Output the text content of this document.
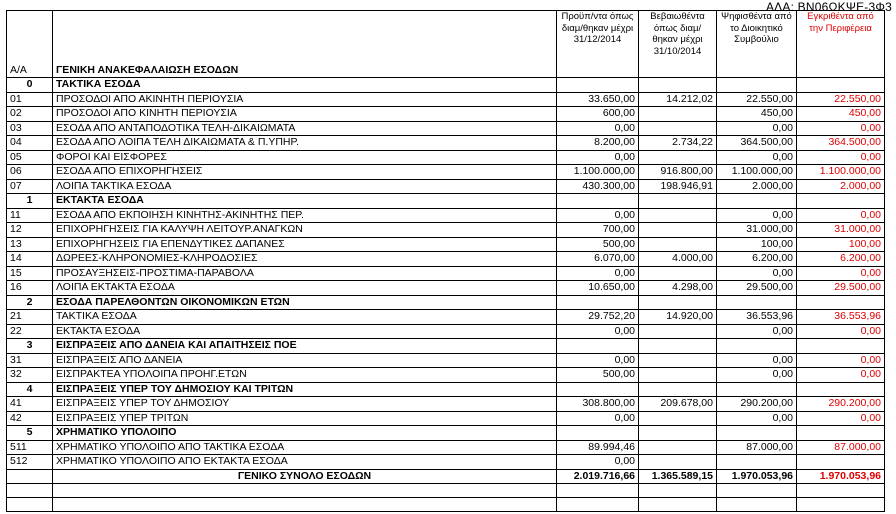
ΑΔΑ: ΒΝ06ΩΚΨΕ-3Φ3
Α/Α	ΓΕΝΙΚΗ ΑΝΑΚΕΦΑΛΑΙΩΣΗ ΕΣΟΔΩΝ	Προϋπ/ντα όπως διαμ/θηκαν μέχρι 31/12/2014	Βεβαιωθέντα όπως διαμ/θηκαν μέχρι 31/10/2014	Ψηφισθέντα από το Διοικητικό Συμβούλιο	Εγκριθέντα από την Περιφέρεια
0	ΤΑΚΤΙΚΑ ΕΣΟΔΑ				
01	ΠΡΟΣΟΔΟΙ ΑΠΟ ΑΚΙΝΗΤΗ ΠΕΡΙΟΥΣΙΑ	33.650,00	14.212,02	22.550,00	22.550,00
02	ΠΡΟΣΟΔΟΙ ΑΠΟ ΚΙΝΗΤΗ ΠΕΡΙΟΥΣΙΑ	600,00		450,00	450,00
03	ΕΣΟΔΑ ΑΠΟ ΑΝΤΑΠΟΔΟΤΙΚΑ ΤΕΛΗ-ΔΙΚΑΙΩΜΑΤΑ	0,00		0,00	0,00
04	ΕΣΟΔΑ ΑΠΟ ΛΟΙΠΑ ΤΕΛΗ ΔΙΚΑΙΩΜΑΤΑ & Π.ΥΠΗΡ.	8.200,00	2.734,22	364.500,00	364.500,00
05	ΦΟΡΟΙ ΚΑΙ ΕΙΣΦΟΡΕΣ	0,00		0,00	0,00
06	ΕΣΟΔΑ ΑΠΟ ΕΠΙΧΟΡΗΓΗΣΕΙΣ	1.100.000,00	916.800,00	1.100.000,00	1.100.000,00
07	ΛΟΙΠΑ ΤΑΚΤΙΚΑ ΕΣΟΔΑ	430.300,00	198.946,91	2.000,00	2.000,00
1	ΕΚΤΑΚΤΑ ΕΣΟΔΑ				
11	ΕΣΟΔΑ ΑΠΟ ΕΚΠΟΙΗΣΗ ΚΙΝΗΤΗΣ-ΑΚΙΝΗΤΗΣ ΠΕΡ.	0,00		0,00	0,00
12	ΕΠΙΧΟΡΗΓΗΣΕΙΣ ΓΙΑ ΚΑΛΥΨΗ ΛΕΙΤΟΥΡ.ΑΝΑΓΚΩΝ	700,00		31.000,00	31.000,00
13	ΕΠΙΧΟΡΗΓΗΣΕΙΣ ΓΙΑ ΕΠΕΝΔΥΤΙΚΕΣ ΔΑΠΑΝΕΣ	500,00		100,00	100,00
14	ΔΩΡΕΕΣ-ΚΛΗΡΟΝΟΜΙΕΣ-ΚΛΗΡΟΔΟΣΙΕΣ	6.070,00	4.000,00	6.200,00	6.200,00
15	ΠΡΟΣΑΥΞΗΣΕΙΣ-ΠΡΟΣΤΙΜΑ-ΠΑΡΑΒΟΛΑ	0,00		0,00	0,00
16	ΛΟΙΠΑ ΕΚΤΑΚΤΑ ΕΣΟΔΑ	10.650,00	4.298,00	29.500,00	29.500,00
2	ΕΣΟΔΑ ΠΑΡΕΛΘΟΝΤΩΝ ΟΙΚΟΝΟΜΙΚΩΝ ΕΤΩΝ				
21	ΤΑΚΤΙΚΑ ΕΣΟΔΑ	29.752,20	14.920,00	36.553,96	36.553,96
22	ΕΚΤΑΚΤΑ ΕΣΟΔΑ	0,00		0,00	0,00
3	ΕΙΣΠΡΑΞΕΙΣ ΑΠΟ ΔΑΝΕΙΑ ΚΑΙ ΑΠΑΙΤΗΣΕΙΣ ΠΟΕ				
31	ΕΙΣΠΡΑΞΕΙΣ ΑΠΟ ΔΑΝΕΙΑ	0,00		0,00	0,00
32	ΕΙΣΠΡΑΚΤΕΑ ΥΠΟΛΟΙΠΑ ΠΡΟΗΓ.ΕΤΩΝ	500,00		0,00	0,00
4	ΕΙΣΠΡΑΞΕΙΣ ΥΠΕΡ ΤΟΥ ΔΗΜΟΣΙΟΥ ΚΑΙ ΤΡΙΤΩΝ				
41	ΕΙΣΠΡΑΞΕΙΣ ΥΠΕΡ ΤΟΥ ΔΗΜΟΣΙΟΥ	308.800,00	209.678,00	290.200,00	290.200,00
42	ΕΙΣΠΡΑΞΕΙΣ ΥΠΕΡ ΤΡΙΤΩΝ	0,00		0,00	0,00
5	ΧΡΗΜΑΤΙΚΟ ΥΠΟΛΟΙΠΟ				
511	ΧΡΗΜΑΤΙΚΟ ΥΠΟΛΟΙΠΟ ΑΠΟ ΤΑΚΤΙΚΑ ΕΣΟΔΑ	89.994,46		87.000,00	87.000,00
512	ΧΡΗΜΑΤΙΚΟ ΥΠΟΛΟΙΠΟ ΑΠΟ ΕΚΤΑΚΤΑ ΕΣΟΔΑ	0,00			
	ΓΕΝΙΚΟ ΣΥΝΟΛΟ ΕΣΟΔΩΝ	2.019.716,66	1.365.589,15	1.970.053,96	1.970.053,96
